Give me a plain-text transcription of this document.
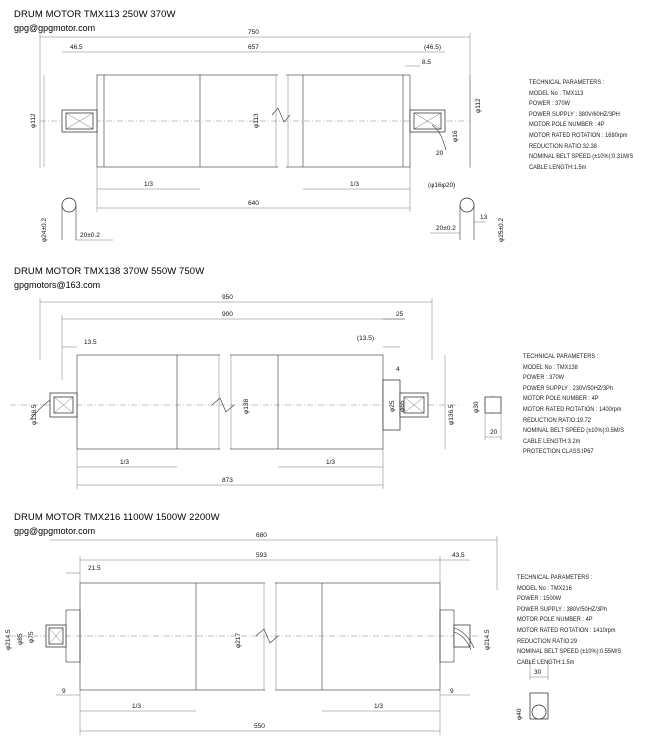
DRUM MOTOR TMX113 250W 370W
gpg@gpgmotor.com
DRUM MOTOR TMX138 370W 550W 750W
gpgmotors@163.com
DRUM MOTOR TMX216 1100W 1500W 2200W
gpg@gpgmotor.com
TECHNICAL PARAMETERS :
MODEL No : TMX113
POWER : 370W
POWER SUPPLY : 380V/60HZ/3PH
MOTOR POLE NUMBER : 4P
MOTOR RATED ROTATION : 1680rpm
REDUCTION RATIO:32.38
NOMINAL BELT SPEED (±10%):0.31M/S
CABLE LENGTH:1.5m
TECHNICAL PARAMETERS :
MODEL No : TMX138
POWER : 370W
POWER SUPPLY : 230V/50HZ/3Ph
MOTOR POLE NUMBER : 4P
MOTOR RATED ROTATION : 1400rpm
REDUCTION RATIO:19.72
NOMINAL BELT SPEED (±10%):0.5M/S
CABLE LENGTH:3.2m
PROTECTION CLASS:IP67
TECHNICAL PARAMETERS :
MODEL No : TMX216
POWER : 1500W
POWER SUPPLY : 380V/50HZ/3Ph
MOTOR POLE NUMBER : 4P
MOTOR RATED ROTATION : 1410rpm
REDUCTION RATIO:29
NOMINAL BELT SPEED (±10%):0.55M/S
CABLE LENGTH:1.5m
750
657
46.5	(46.5)
8.5
φ112	φ113
φ112
φ16
20
1/3	1/3
640
φ24±0.2	20±0.2
(φ16φ20)
13
20±0.2	φ25±0.2
950
900	25
13.5
(13.5)
4
φ136.5	φ138	φ25 φ65	φ136.5	φ30
20
1/3	1/3
873
680
593	43.5
21.5
φ214.5 φ85 φ75	φ217	φ214.5
9	9
1/3	1/3
550
30
φ40
